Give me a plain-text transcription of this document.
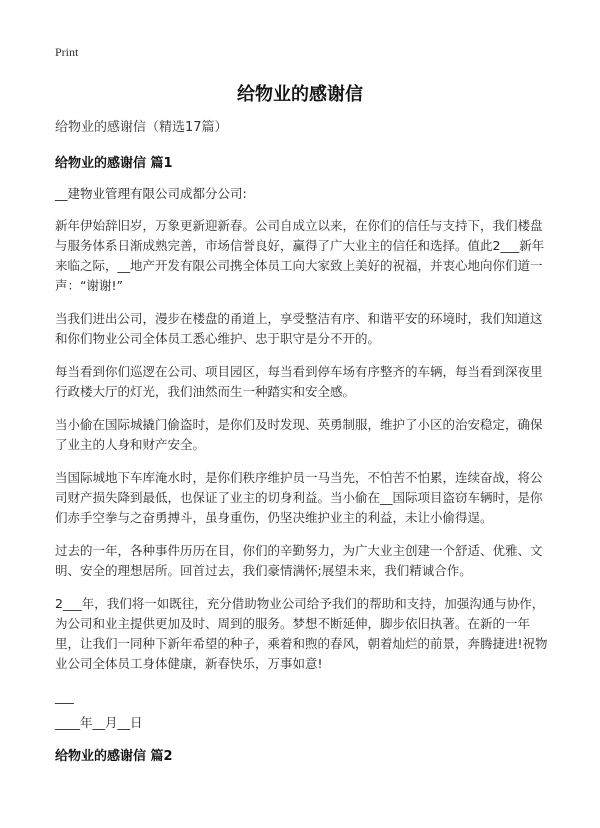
Print
给物业的感谢信

给物业的感谢信（精选17篇）

给物业的感谢信 篇1

__建物业管理有限公司成都分公司:

新年伊始辞旧岁，万象更新迎新春。公司自成立以来，在你们的信任与支持下，我们楼盘与服务体系日渐成熟完善，市场信誉良好，赢得了广大业主的信任和选择。值此2___新年来临之际，__地产开发有限公司携全体员工向大家致上美好的祝福，并衷心地向你们道一声：“谢谢!”

当我们进出公司，漫步在楼盘的甬道上，享受整洁有序、和谐平安的环境时，我们知道这和你们物业公司全体员工悉心维护、忠于职守是分不开的。

每当看到你们巡逻在公司、项目园区，每当看到停车场有序整齐的车辆，每当看到深夜里行政楼大厅的灯光，我们油然而生一种踏实和安全感。

当小偷在国际城撬门偷盗时，是你们及时发现、英勇制服，维护了小区的治安稳定，确保了业主的人身和财产安全。

当国际城地下车库淹水时，是你们秩序维护员一马当先，不怕苦不怕累，连续奋战，将公司财产损失降到最低，也保证了业主的切身利益。当小偷在__国际项目盗窃车辆时，是你们赤手空拳与之奋勇搏斗，虽身重伤，仍坚决维护业主的利益，未让小偷得逞。

过去的一年，各种事件历历在目，你们的辛勤努力，为广大业主创建一个舒适、优雅、文明、安全的理想居所。回首过去，我们豪情满怀;展望未来，我们精诚合作。

2___年，我们将一如既往，充分借助物业公司给予我们的帮助和支持，加强沟通与协作，为公司和业主提供更加及时、周到的服务。梦想不断延伸，脚步依旧执著。在新的一年里，让我们一同种下新年希望的种子，乘着和煦的春风，朝着灿烂的前景，奔腾捷进!祝物业公司全体员工身体健康，新春快乐，万事如意!

___

____年__月__日

给物业的感谢信 篇2
